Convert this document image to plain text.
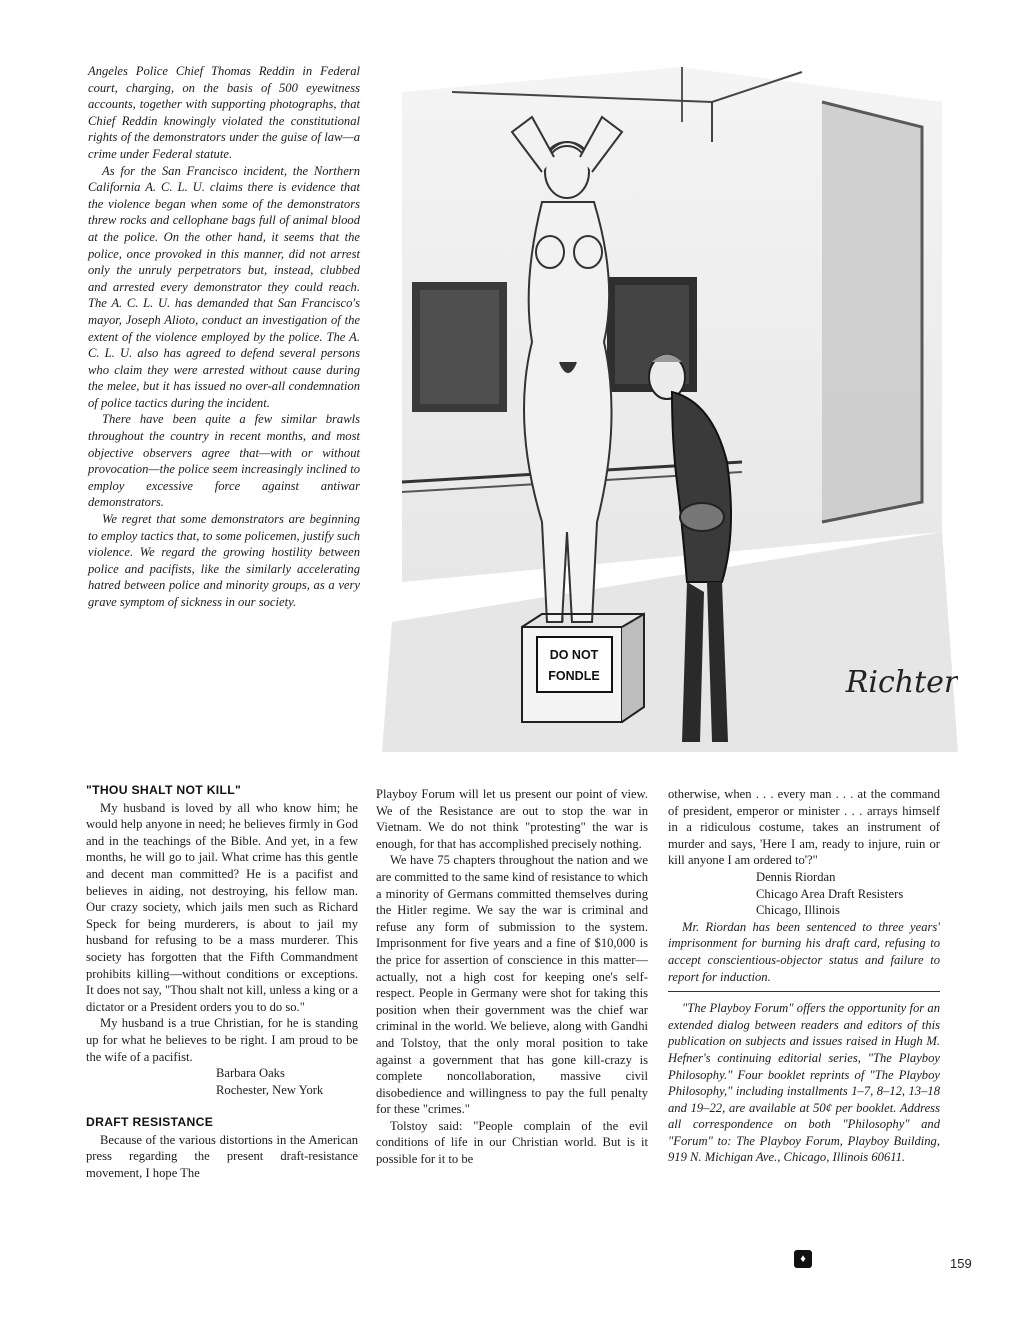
Angeles Police Chief Thomas Reddin in Federal court, charging, on the basis of 500 eyewitness accounts, together with supporting photographs, that Chief Reddin knowingly violated the constitutional rights of the demonstrators under the guise of law—a crime under Federal statute.

As for the San Francisco incident, the Northern California A. C. L. U. claims there is evidence that the violence began when some of the demonstrators threw rocks and cellophane bags full of animal blood at the police. On the other hand, it seems that the police, once provoked in this manner, did not arrest only the unruly perpetrators but, instead, clubbed and arrested every demonstrator they could reach. The A. C. L. U. has demanded that San Francisco's mayor, Joseph Alioto, conduct an investigation of the extent of the violence employed by the police. The A. C. L. U. also has agreed to defend several persons who claim they were arrested without cause during the melee, but it has issued no over-all condemnation of police tactics during the incident.

There have been quite a few similar brawls throughout the country in recent months, and most objective observers agree that—with or without provocation—the police seem increasingly inclined to employ excessive force against antiwar demonstrators.

We regret that some demonstrators are beginning to employ tactics that, to some policemen, justify such violence. We regard the growing hostility between police and pacifists, like the similarly accelerating hatred between police and minority groups, as a very grave symptom of sickness in our society.

DO NOT
FONDLE	Richter
"THOU SHALT NOT KILL"

My husband is loved by all who know him; he would help anyone in need; he believes firmly in God and in the teachings of the Bible. And yet, in a few months, he will go to jail. What crime has this gentle and decent man committed? He is a pacifist and believes in aiding, not destroying, his fellow man. Our crazy society, which jails men such as Richard Speck for being murderers, is about to jail my husband for refusing to be a mass murderer. This society has forgotten that the Fifth Commandment prohibits killing—without conditions or exceptions. It does not say, "Thou shalt not kill, unless a king or a dictator or a President orders you to do so."

My husband is a true Christian, for he is standing up for what he believes to be right. I am proud to be the wife of a pacifist.

Barbara Oaks

Rochester, New York

DRAFT RESISTANCE

Because of the various distortions in the American press regarding the present draft-resistance movement, I hope The

Playboy Forum will let us present our point of view. We of the Resistance are out to stop the war in Vietnam. We do not think "protesting" the war is enough, for that has accomplished precisely nothing.

We have 75 chapters throughout the nation and we are committed to the same kind of resistance to which a minority of Germans committed themselves during the Hitler regime. We say the war is criminal and refuse any form of submission to the system. Imprisonment for five years and a fine of $10,000 is the price for assertion of conscience in this matter—actually, not a high cost for keeping one's self-respect. People in Germany were shot for taking this position when their government was the chief war criminal in the world. We believe, along with Gandhi and Tolstoy, that the only moral position to take against a government that has gone kill-crazy is complete noncollaboration, massive civil disobedience and willingness to pay the full penalty for these "crimes."

Tolstoy said: "People complain of the evil conditions of life in our Christian world. But is it possible for it to be

otherwise, when . . . every man . . . at the command of president, emperor or minister . . . arrays himself in a ridiculous costume, takes an instrument of murder and says, 'Here I am, ready to injure, ruin or kill anyone I am ordered to'?"

Dennis Riordan

Chicago Area Draft Resisters

Chicago, Illinois

Mr. Riordan has been sentenced to three years' imprisonment for burning his draft card, refusing to accept conscientious-objector status and failure to report for induction.

"The Playboy Forum" offers the opportunity for an extended dialog between readers and editors of this publication on subjects and issues raised in Hugh M. Hefner's continuing editorial series, "The Playboy Philosophy." Four booklet reprints of "The Playboy Philosophy," including installments 1–7, 8–12, 13–18 and 19–22, are available at 50¢ per booklet. Address all correspondence on both "Philosophy" and "Forum" to: The Playboy Forum, Playboy Building, 919 N. Michigan Ave., Chicago, Illinois 60611.

♦	159
